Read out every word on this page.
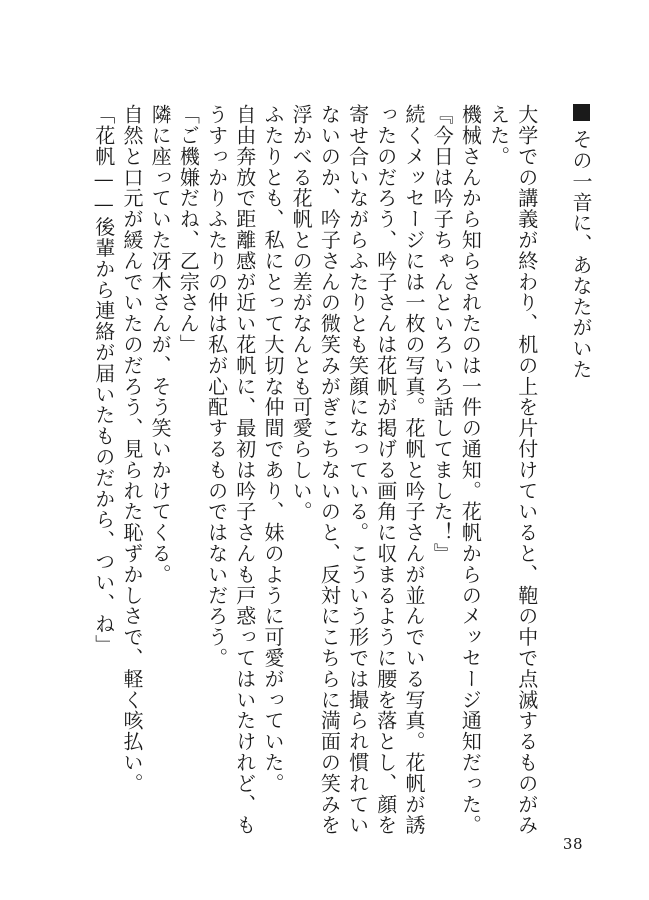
その一音に、あなたがいた

大学での講義が終わり、机の上を片付けていると、鞄の中で点滅するものがみえた。

機械さんから知らされたのは一件の通知。花帆からのメッセージ通知だった。

『今日は吟子ちゃんといろいろ話してました！』

続くメッセージには一枚の写真。花帆と吟子さんが並んでいる写真。花帆が誘ったのだろう、吟子さんは花帆が掲げる画角に収まるように腰を落とし、顔を寄せ合いながらふたりとも笑顔になっている。こういう形では撮られ慣れていないのか、吟子さんの微笑みがぎこちないのと、反対にこちらに満面の笑みを浮かべる花帆との差がなんとも可愛らしい。

ふたりとも、私にとって大切な仲間であり、妹のように可愛がっていた。

自由奔放で距離感が近い花帆に、最初は吟子さんも戸惑ってはいたけれど、もうすっかりふたりの仲は私が心配するものではないだろう。

「ご機嫌だね、乙宗さん」

隣に座っていた冴木さんが、そう笑いかけてくる。

自然と口元が緩んでいたのだろう、見られた恥ずかしさで、軽く咳払い。

「花帆——後輩から連絡が届いたものだから、つい、ね」

38
